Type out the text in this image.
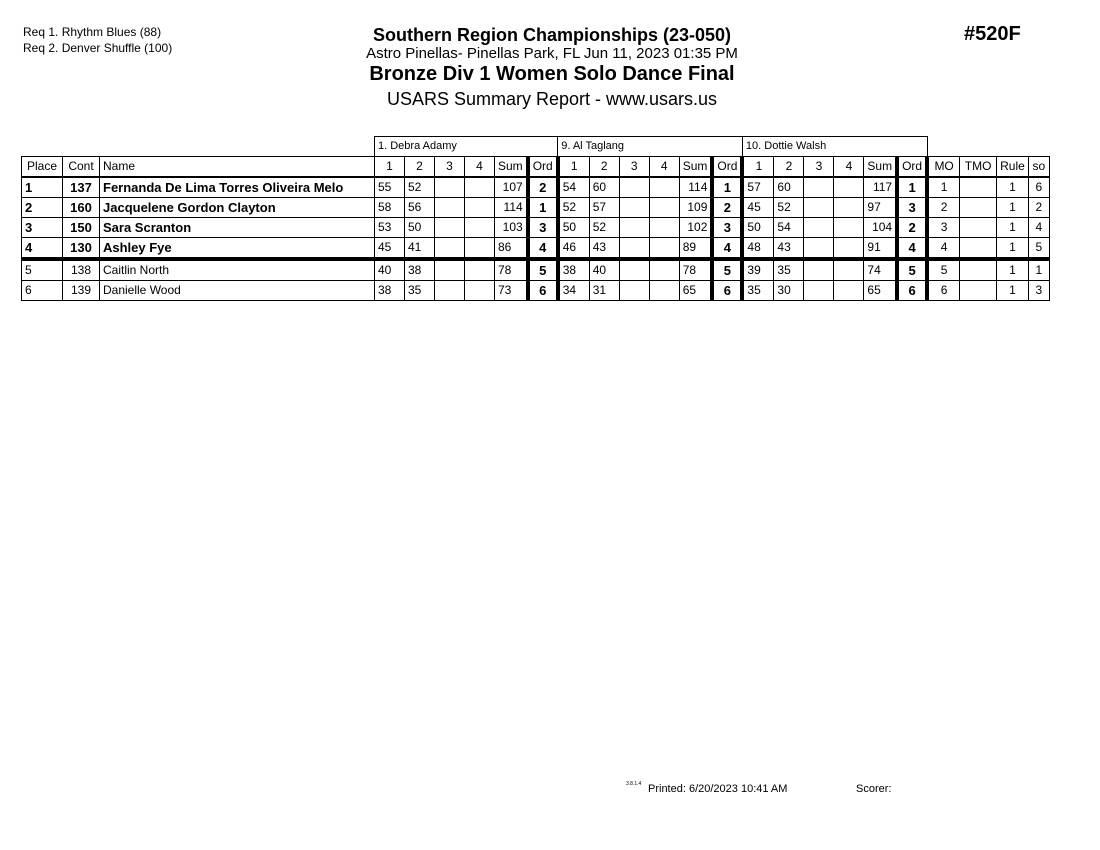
Req 1. Rhythm Blues (88)
Req 2. Denver Shuffle (100)
Southern Region Championships (23-050)
Astro Pinellas- Pinellas Park, FL Jun 11, 2023 01:35 PM
Bronze Div 1 Women Solo Dance Final
USARS Summary Report - www.usars.us
#520F
			1. Debra Adamy						9. Al Taglang						10. Dottie Walsh									
Place	Cont	Name	1	2	3	4	Sum	Ord	1	2	3	4	Sum	Ord	1	2	3	4	Sum	Ord	MO	TMO	Rule	so
1	137	Fernanda De Lima Torres Oliveira Melo	55	52			107	2	54	60			114	1	57	60			117	1	1		1	6
2	160	Jacquelene Gordon Clayton	58	56			114	1	52	57			109	2	45	52			97	3	2		1	2
3	150	Sara Scranton	53	50			103	3	50	52			102	3	50	54			104	2	3		1	4
4	130	Ashley Fye	45	41			86	4	46	43			89	4	48	43			91	4	4		1	5
5	138	Caitlin North	40	38			78	5	38	40			78	5	39	35			74	5	5		1	1
6	139	Danielle Wood	38	35			73	6	34	31			65	6	35	30			65	6	6		1	3
3.8.1.4 Printed: 6/20/2023 10:41 AM	Scorer:
